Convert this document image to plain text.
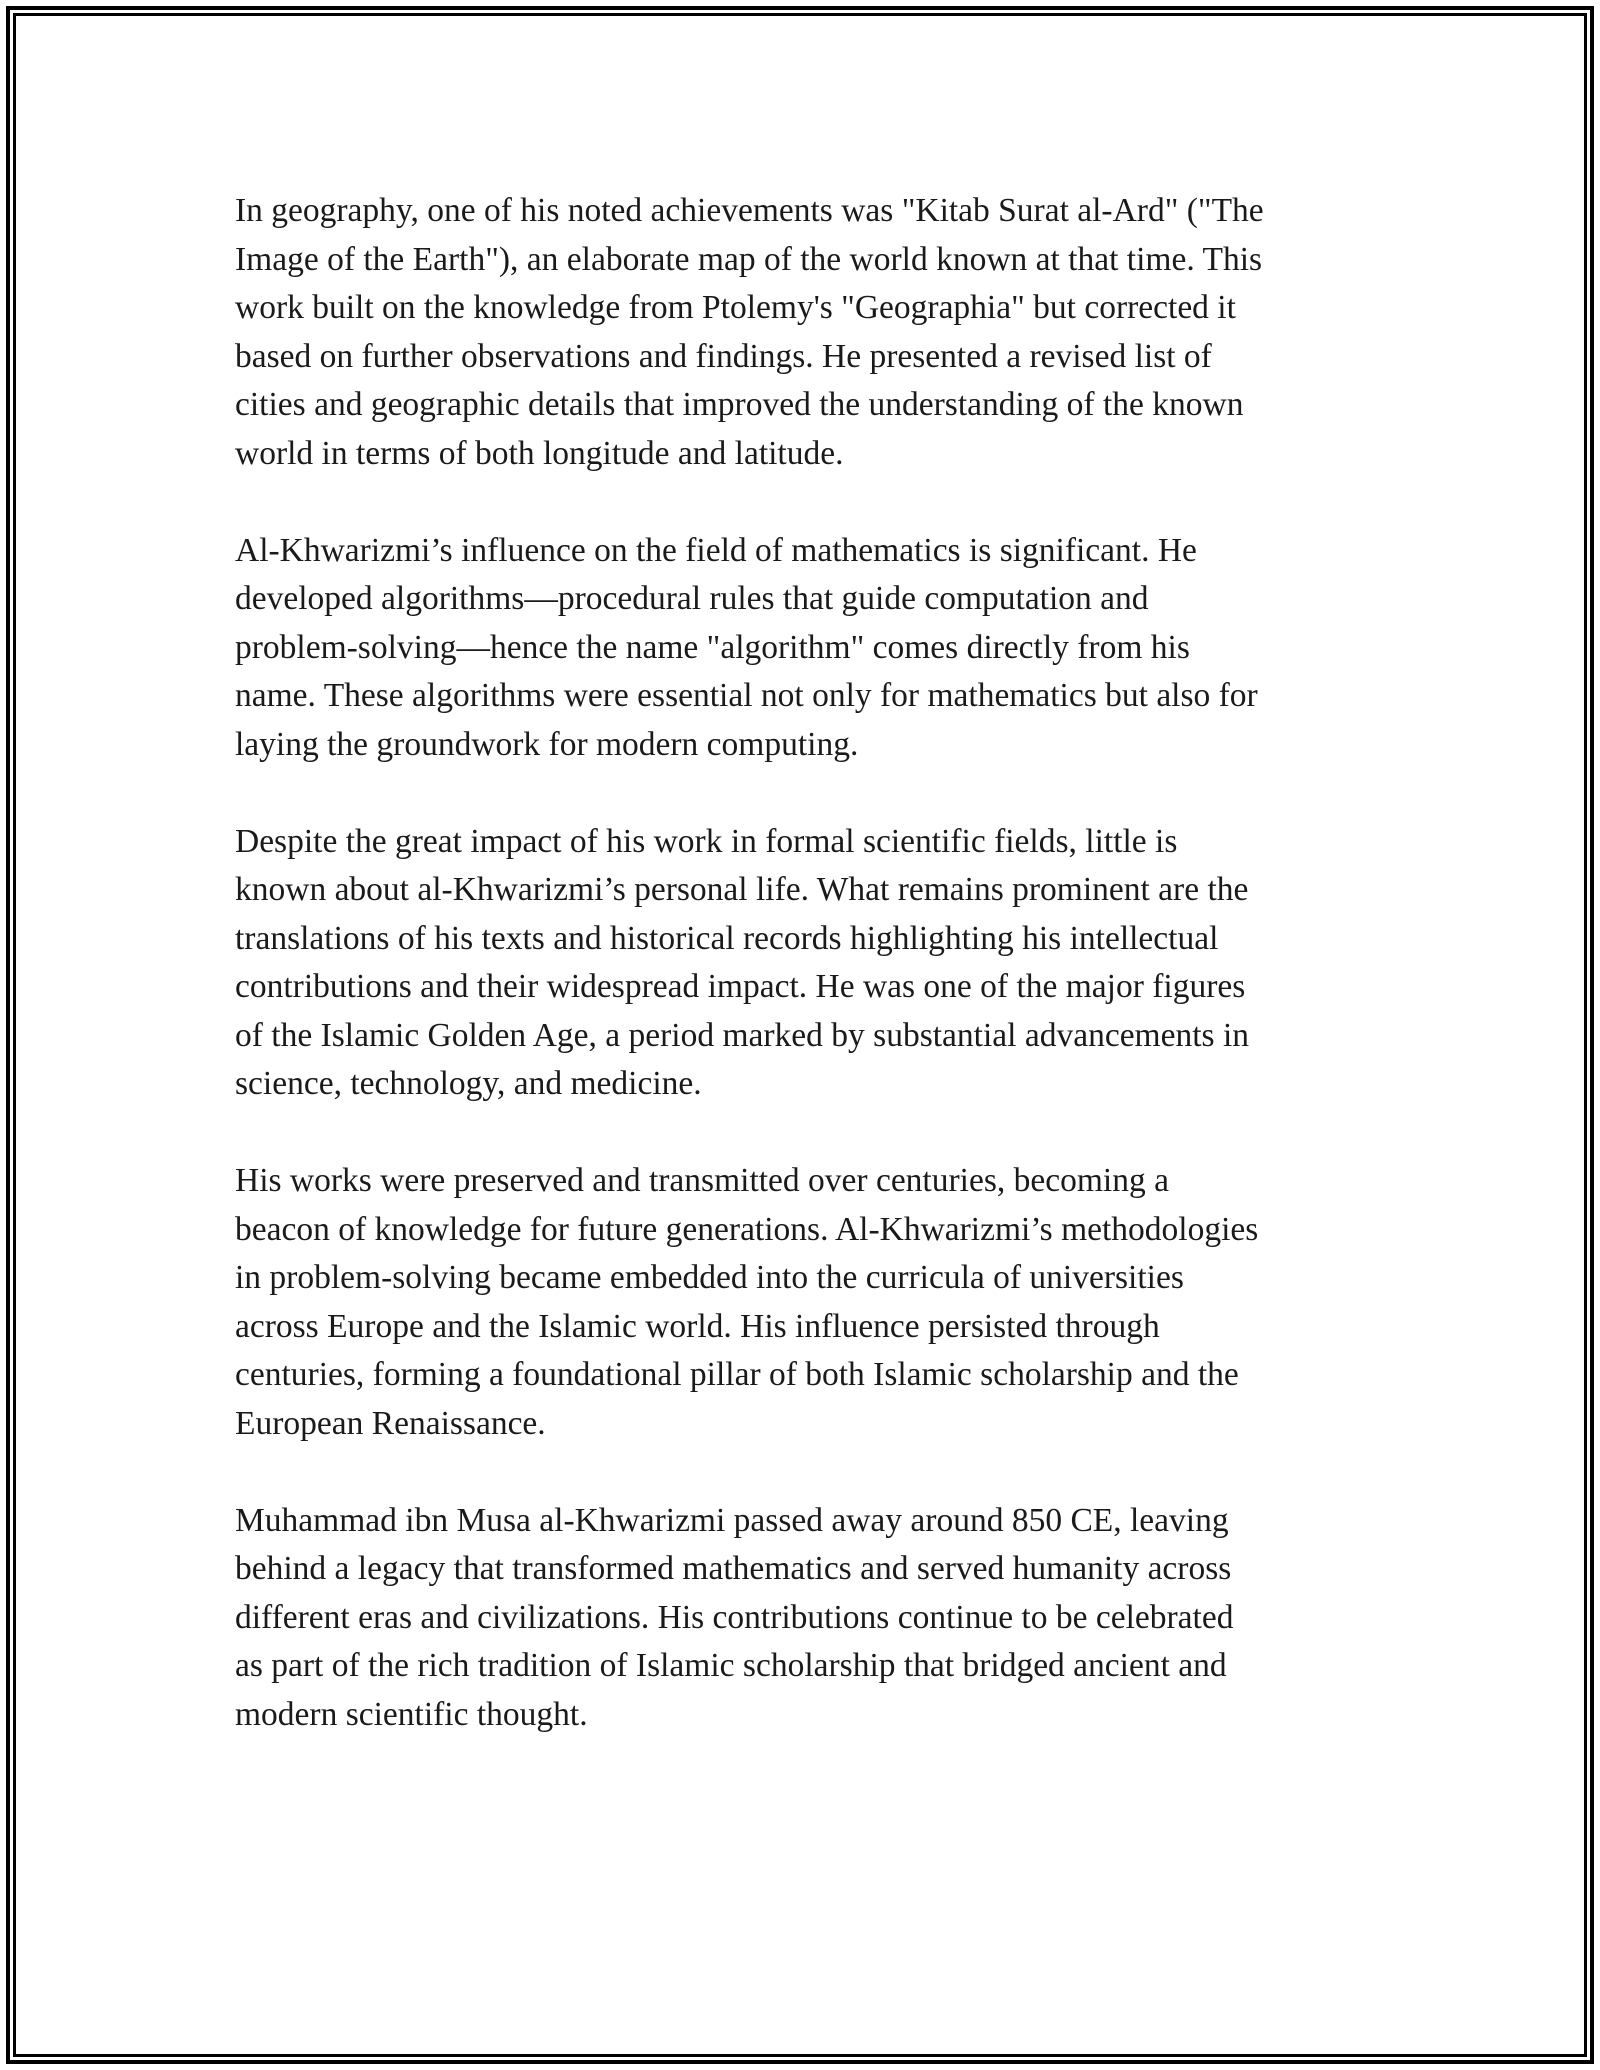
In geography, one of his noted achievements was "Kitab Surat al-Ard" ("The
Image of the Earth"), an elaborate map of the world known at that time. This
work built on the knowledge from Ptolemy's "Geographia" but corrected it
based on further observations and findings. He presented a revised list of
cities and geographic details that improved the understanding of the known
world in terms of both longitude and latitude.

Al-Khwarizmi’s influence on the field of mathematics is significant. He
developed algorithms—procedural rules that guide computation and
problem-solving—hence the name "algorithm" comes directly from his
name. These algorithms were essential not only for mathematics but also for
laying the groundwork for modern computing.

Despite the great impact of his work in formal scientific fields, little is
known about al-Khwarizmi’s personal life. What remains prominent are the
translations of his texts and historical records highlighting his intellectual
contributions and their widespread impact. He was one of the major figures
of the Islamic Golden Age, a period marked by substantial advancements in
science, technology, and medicine.

His works were preserved and transmitted over centuries, becoming a
beacon of knowledge for future generations. Al-Khwarizmi’s methodologies
in problem-solving became embedded into the curricula of universities
across Europe and the Islamic world. His influence persisted through
centuries, forming a foundational pillar of both Islamic scholarship and the
European Renaissance.

Muhammad ibn Musa al-Khwarizmi passed away around 850 CE, leaving
behind a legacy that transformed mathematics and served humanity across
different eras and civilizations. His contributions continue to be celebrated
as part of the rich tradition of Islamic scholarship that bridged ancient and
modern scientific thought.
